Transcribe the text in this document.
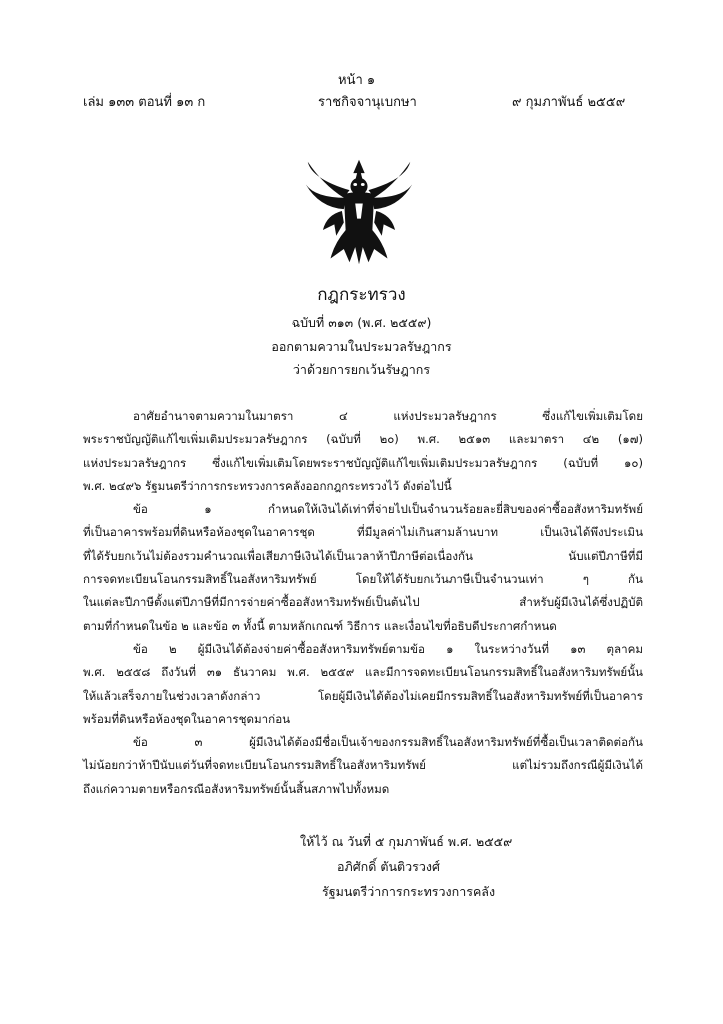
หน้า ๑
เล่ม ๑๓๓ ตอนที่ ๑๓ ก	ราชกิจจานุเบกษา	๙ กุมภาพันธ์ ๒๕๕๙
กฎกระทรวง
ฉบับที่ ๓๑๓ (พ.ศ. ๒๕๕๙)
ออกตามความในประมวลรัษฎากร
ว่าด้วยการยกเว้นรัษฎากร

อาศัยอำนาจตามความในมาตรา ๔ แห่งประมวลรัษฎากร ซึ่งแก้ไขเพิ่มเติมโดย

พระราชบัญญัติแก้ไขเพิ่มเติมประมวลรัษฎากร (ฉบับที่ ๒๐) พ.ศ. ๒๕๑๓ และมาตรา ๔๒ (๑๗)

แห่งประมวลรัษฎากร ซึ่งแก้ไขเพิ่มเติมโดยพระราชบัญญัติแก้ไขเพิ่มเติมประมวลรัษฎากร (ฉบับที่ ๑๐)

พ.ศ. ๒๔๙๖ รัฐมนตรีว่าการกระทรวงการคลังออกกฎกระทรวงไว้ ดังต่อไปนี้

ข้อ ๑ กำหนดให้เงินได้เท่าที่จ่ายไปเป็นจำนวนร้อยละยี่สิบของค่าซื้ออสังหาริมทรัพย์

ที่เป็นอาคารพร้อมที่ดินหรือห้องชุดในอาคารชุด ที่มีมูลค่าไม่เกินสามล้านบาท เป็นเงินได้พึงประเมิน

ที่ได้รับยกเว้นไม่ต้องรวมคำนวณเพื่อเสียภาษีเงินได้เป็นเวลาห้าปีภาษีต่อเนื่องกัน นับแต่ปีภาษีที่มี

การจดทะเบียนโอนกรรมสิทธิ์ในอสังหาริมทรัพย์ โดยให้ได้รับยกเว้นภาษีเป็นจำนวนเท่า ๆ กัน

ในแต่ละปีภาษีตั้งแต่ปีภาษีที่มีการจ่ายค่าซื้ออสังหาริมทรัพย์เป็นต้นไป สำหรับผู้มีเงินได้ซึ่งปฏิบัติ

ตามที่กำหนดในข้อ ๒ และข้อ ๓ ทั้งนี้ ตามหลักเกณฑ์ วิธีการ และเงื่อนไขที่อธิบดีประกาศกำหนด

ข้อ ๒ ผู้มีเงินได้ต้องจ่ายค่าซื้ออสังหาริมทรัพย์ตามข้อ ๑ ในระหว่างวันที่ ๑๓ ตุลาคม

พ.ศ. ๒๕๕๘ ถึงวันที่ ๓๑ ธันวาคม พ.ศ. ๒๕๕๙ และมีการจดทะเบียนโอนกรรมสิทธิ์ในอสังหาริมทรัพย์นั้น

ให้แล้วเสร็จภายในช่วงเวลาดังกล่าว โดยผู้มีเงินได้ต้องไม่เคยมีกรรมสิทธิ์ในอสังหาริมทรัพย์ที่เป็นอาคาร

พร้อมที่ดินหรือห้องชุดในอาคารชุดมาก่อน

ข้อ ๓ ผู้มีเงินได้ต้องมีชื่อเป็นเจ้าของกรรมสิทธิ์ในอสังหาริมทรัพย์ที่ซื้อเป็นเวลาติดต่อกัน

ไม่น้อยกว่าห้าปีนับแต่วันที่จดทะเบียนโอนกรรมสิทธิ์ในอสังหาริมทรัพย์ แต่ไม่รวมถึงกรณีผู้มีเงินได้

ถึงแก่ความตายหรือกรณีอสังหาริมทรัพย์นั้นสิ้นสภาพไปทั้งหมด

ให้ไว้ ณ วันที่ ๕ กุมภาพันธ์ พ.ศ. ๒๕๕๙
อภิศักดิ์ ตันติวรวงศ์
รัฐมนตรีว่าการกระทรวงการคลัง
